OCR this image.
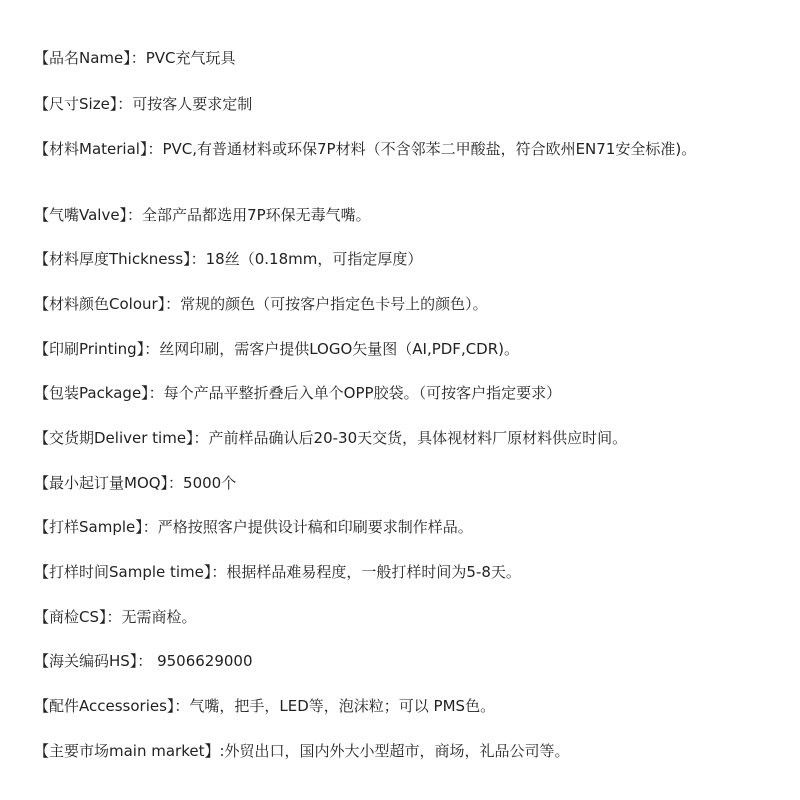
【品名Name】：PVC充气玩具
【尺寸Size】：可按客人要求定制
【材料Material】：PVC,有普通材料或环保7P材料（不含邻苯二甲酸盐，符合欧州EN71安全标准)。
【气嘴Valve】：全部产品都选用7P环保无毒气嘴。
【材料厚度Thickness】：18丝（0.18mm，可指定厚度）
【材料颜色Colour】：常规的颜色（可按客户指定色卡号上的颜色）。
【印刷Printing】：丝网印刷，需客户提供LOGO矢量图（AI,PDF,CDR)。
【包装Package】：每个产品平整折叠后入单个OPP胶袋。（可按客户指定要求）
【交货期Deliver time】：产前样品确认后20-30天交货，具体视材料厂原材料供应时间。
【最小起订量MOQ】：5000个
【打样Sample】：严格按照客户提供设计稿和印刷要求制作样品。
【打样时间Sample time】：根据样品难易程度，一般打样时间为5-8天。
【商检CS】：无需商检。
【海关编码HS】： 9506629000
【配件Accessories】：气嘴，把手，LED等，泡沫粒；可以 PMS色。
【主要市场main market】:外贸出口，国内外大小型超市，商场，礼品公司等。
